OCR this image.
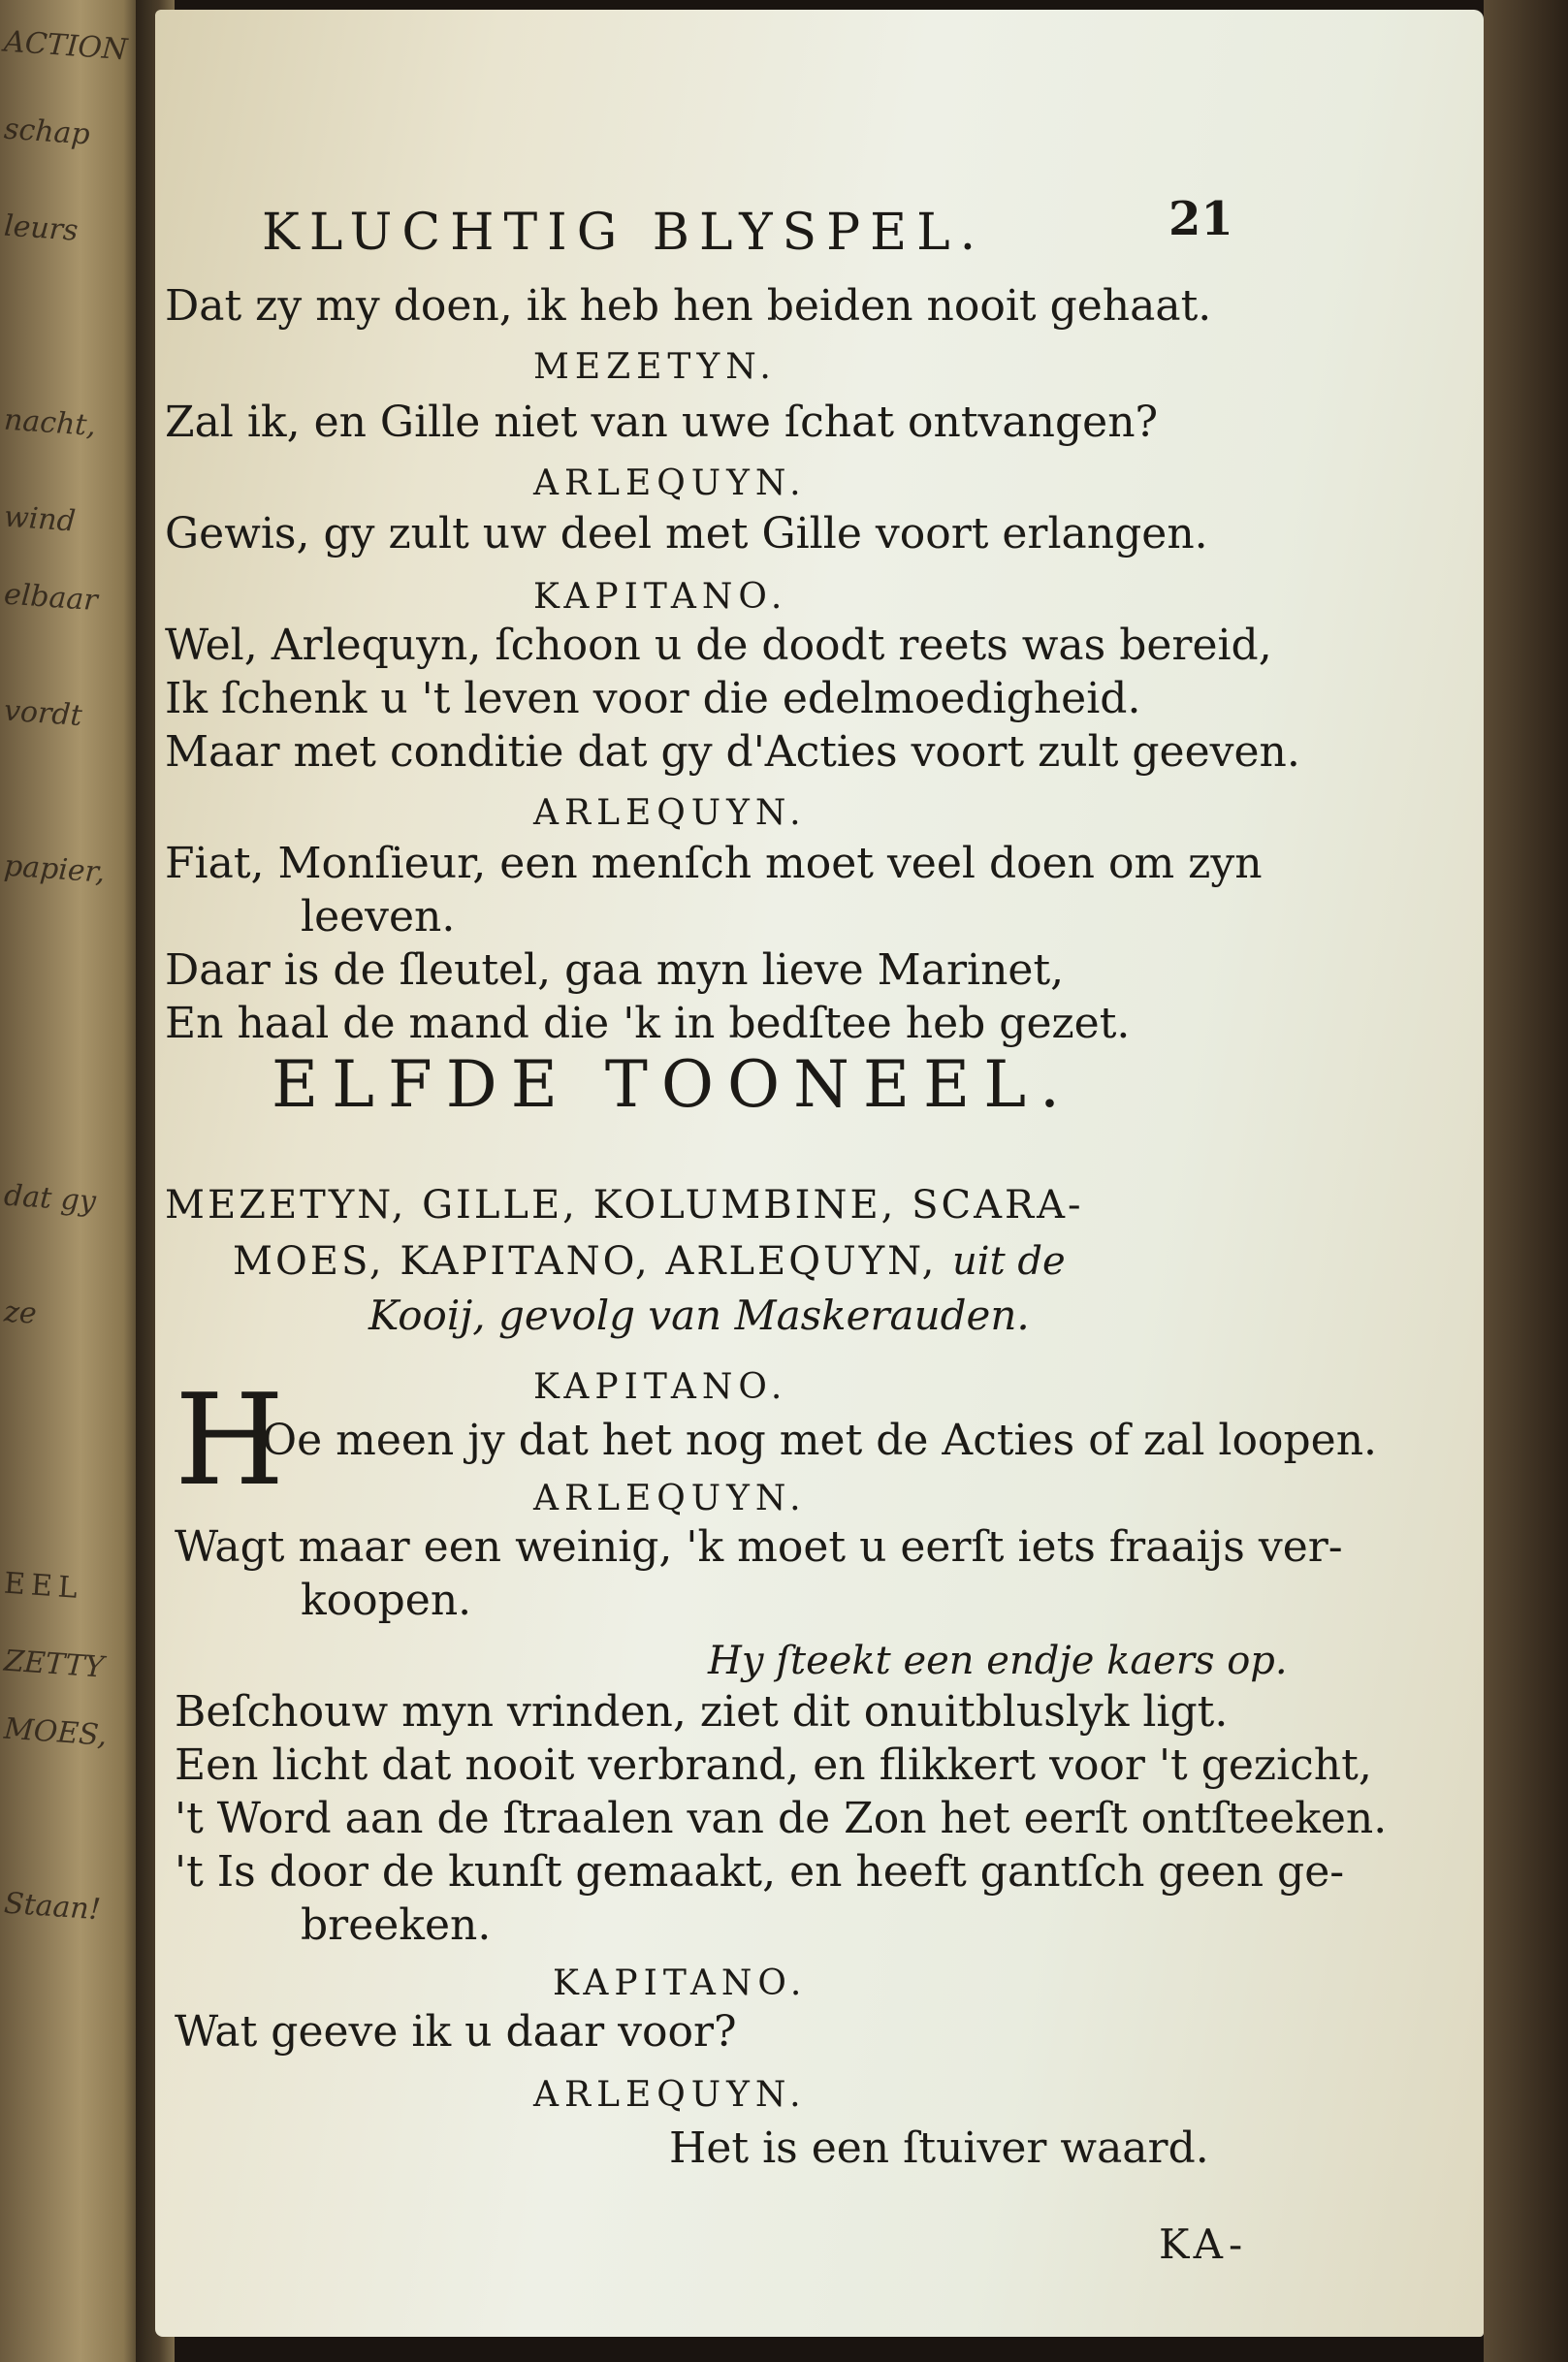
ACTION
schap
leurs
nacht,
wind
elbaar
vordt
papier,
dat gy
ze
EEL
ZETTY
MOES,
Staan!
KLUCHTIG BLYSPEL.	21
Dat zy my doen, ik heb hen beiden nooit gehaat.
MEZETYN.
Zal ik, en Gille niet van uwe ſchat ontvangen?
ARLEQUYN.
Gewis, gy zult uw deel met Gille voort erlangen.
KAPITANO.
Wel, Arlequyn, ſchoon u de doodt reets was bereid,
Ik ſchenk u 't leven voor die edelmoedigheid.
Maar met conditie dat gy d'Acties voort zult geeven.
ARLEQUYN.
Fiat, Monſieur, een menſch moet veel doen om zyn
leeven.
Daar is de ſleutel, gaa myn lieve Marinet,
En haal de mand die 'k in bedſtee heb gezet.
ELFDE TOONEEL.
MEZETYN, GILLE, KOLUMBINE, SCARA-
MOES, KAPITANO, ARLEQUYN, uit de
Kooij, gevolg van Maskerauden.
KAPITANO.
H
Oe meen jy dat het nog met de Acties of zal loopen.
ARLEQUYN.
Wagt maar een weinig, 'k moet u eerſt iets fraaijs ver-
koopen.
Hy ſteekt een endje kaers op.
Beſchouw myn vrinden, ziet dit onuitbluslyk ligt.
Een licht dat nooit verbrand, en flikkert voor 't gezicht,
't Word aan de ſtraalen van de Zon het eerſt ontſteeken.
't Is door de kunſt gemaakt, en heeft gantſch geen ge-
breeken.
KAPITANO.
Wat geeve ik u daar voor?
ARLEQUYN.
Het is een ſtuiver waard.
KA-
